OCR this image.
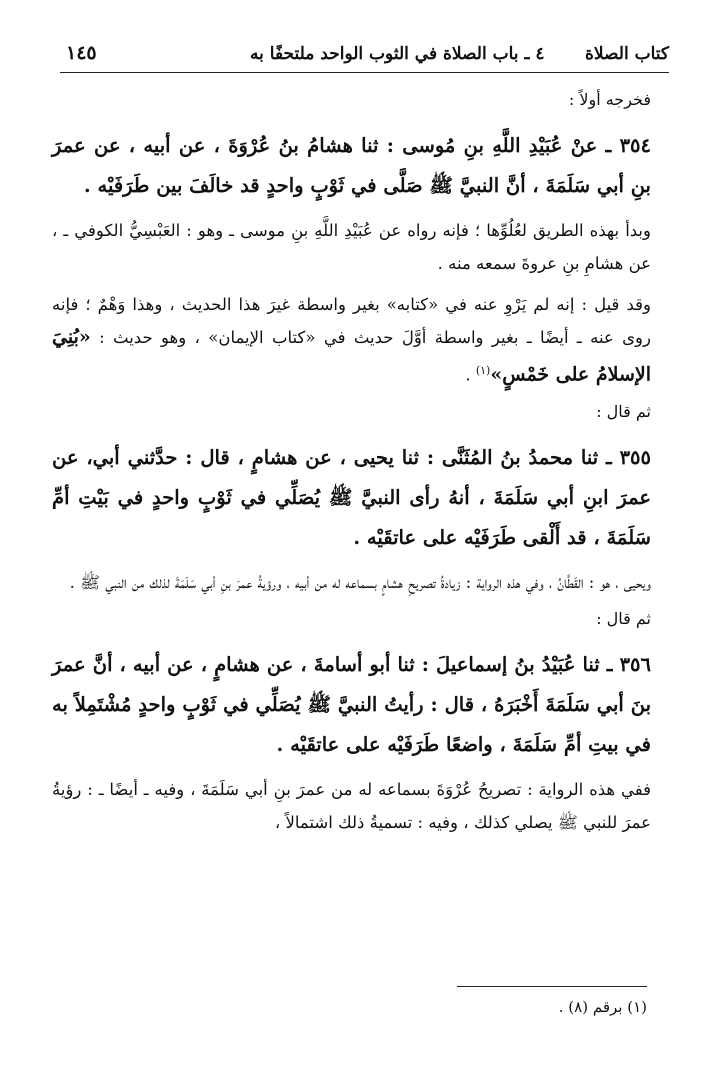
١٤٥	٤ ـ باب الصلاة في الثوب الواحد ملتحفًا به كتاب الصلاة

فخرجه أولاً :

٣٥٤ ـ عنْ عُبَيْدِ اللَّهِ بنِ مُوسى : ثنا هشامُ بنُ عُرْوَةَ ، عن أبيه ، عن عمرَ بنِ أبي سَلَمَةَ ، أنَّ النبيَّ ﷺ صَلَّى في ثَوْبٍ واحدٍ قد خالَفَ بين طَرَفَيْه .

وبدأ بهذه الطريق لعُلُوِّها ؛ فإنه رواه عن عُبَيْدِ اللَّهِ بنِ موسى ـ وهو : العَبْسِيُّ الكوفي ـ ، عن هشامِ بنِ عروةَ سمعه منه .

وقد قيل : إنه لم يَرْوِ عنه في «كتابه» بغير واسطة غيرَ هذا الحديث ، وهذا وَهْمٌ ؛ فإنه روى عنه ـ أيضًا ـ بغير واسطة أوَّلَ حديث في «كتاب الإيمان» ، وهو حديث : «بُنِيَ الإسلامُ على خَمْسٍ»$^{(١)}$ .

ثم قال :

٣٥٥ ـ ثنا محمدُ بنُ المُثَنَّى : ثنا يحيى ، عن هشامٍ ، قال : حدَّثني أبي، عن عمرَ ابنِ أبي سَلَمَةَ ، أنهُ رأى النبيَّ ﷺ يُصَلِّي في ثَوْبٍ واحدٍ في بَيْتِ أمِّ سَلَمَةَ ، قد أَلْقى طَرَفَيْه على عاتقَيْه .

ويحيى ، هو : القَطَّانُ ، وفي هذه الرواية : زيادةُ تصريحِ هشامٍ بسماعه له من أبيه ، ورؤيةُ عمرَ بنِ أبي سَلَمَةَ لذلك من النبي ﷺ .

ثم قال :

٣٥٦ ـ ثنا عُبَيْدُ بنُ إسماعيلَ : ثنا أبو أسامةَ ، عن هشامٍ ، عن أبيه ، أنَّ عمرَ بنَ أبي سَلَمَةَ أَخْبَرَهُ ، قال : رأيتُ النبيَّ ﷺ يُصَلِّي في ثَوْبٍ واحدٍ مُشْتَمِلاً به في بيتِ أمِّ سَلَمَةَ ، واضعًا طَرَفَيْه على عاتقَيْه .

ففي هذه الرواية : تصريحُ عُرْوَةَ بسماعه له من عمرَ بنِ أبي سَلَمَةَ ، وفيه ـ أيضًا ـ : رؤيةُ عمرَ للنبي ﷺ يصلي كذلك ، وفيه : تسميةُ ذلك اشتمالاً ،

(١) برقم (٨) .
